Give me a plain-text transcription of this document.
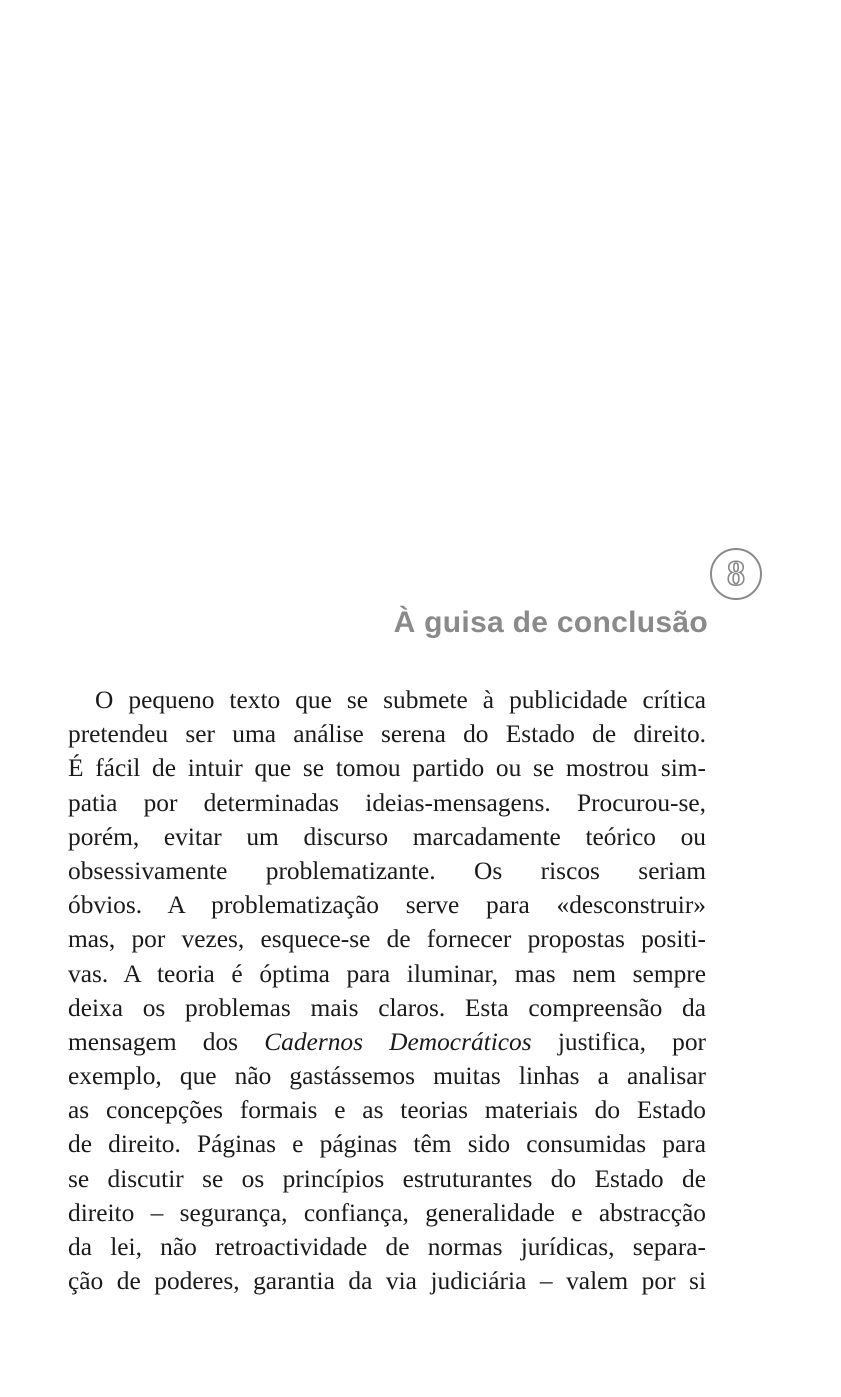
8
À guisa de conclusão
O pequeno texto que se submete à publicidade crítica
pretendeu ser uma análise serena do Estado de direito.
É fácil de intuir que se tomou partido ou se mostrou sim-
patia por determinadas ideias-mensagens. Procurou-se,
porém, evitar um discurso marcadamente teórico ou
obsessivamente problematizante. Os riscos seriam
óbvios. A problematização serve para «desconstruir»
mas, por vezes, esquece-se de fornecer propostas positi-
vas. A teoria é óptima para iluminar, mas nem sempre
deixa os problemas mais claros. Esta compreensão da
mensagem dos Cadernos Democráticos justifica, por
exemplo, que não gastássemos muitas linhas a analisar
as concepções formais e as teorias materiais do Estado
de direito. Páginas e páginas têm sido consumidas para
se discutir se os princípios estruturantes do Estado de
direito – segurança, confiança, generalidade e abstracção
da lei, não retroactividade de normas jurídicas, separa-
ção de poderes, garantia da via judiciária – valem por si
